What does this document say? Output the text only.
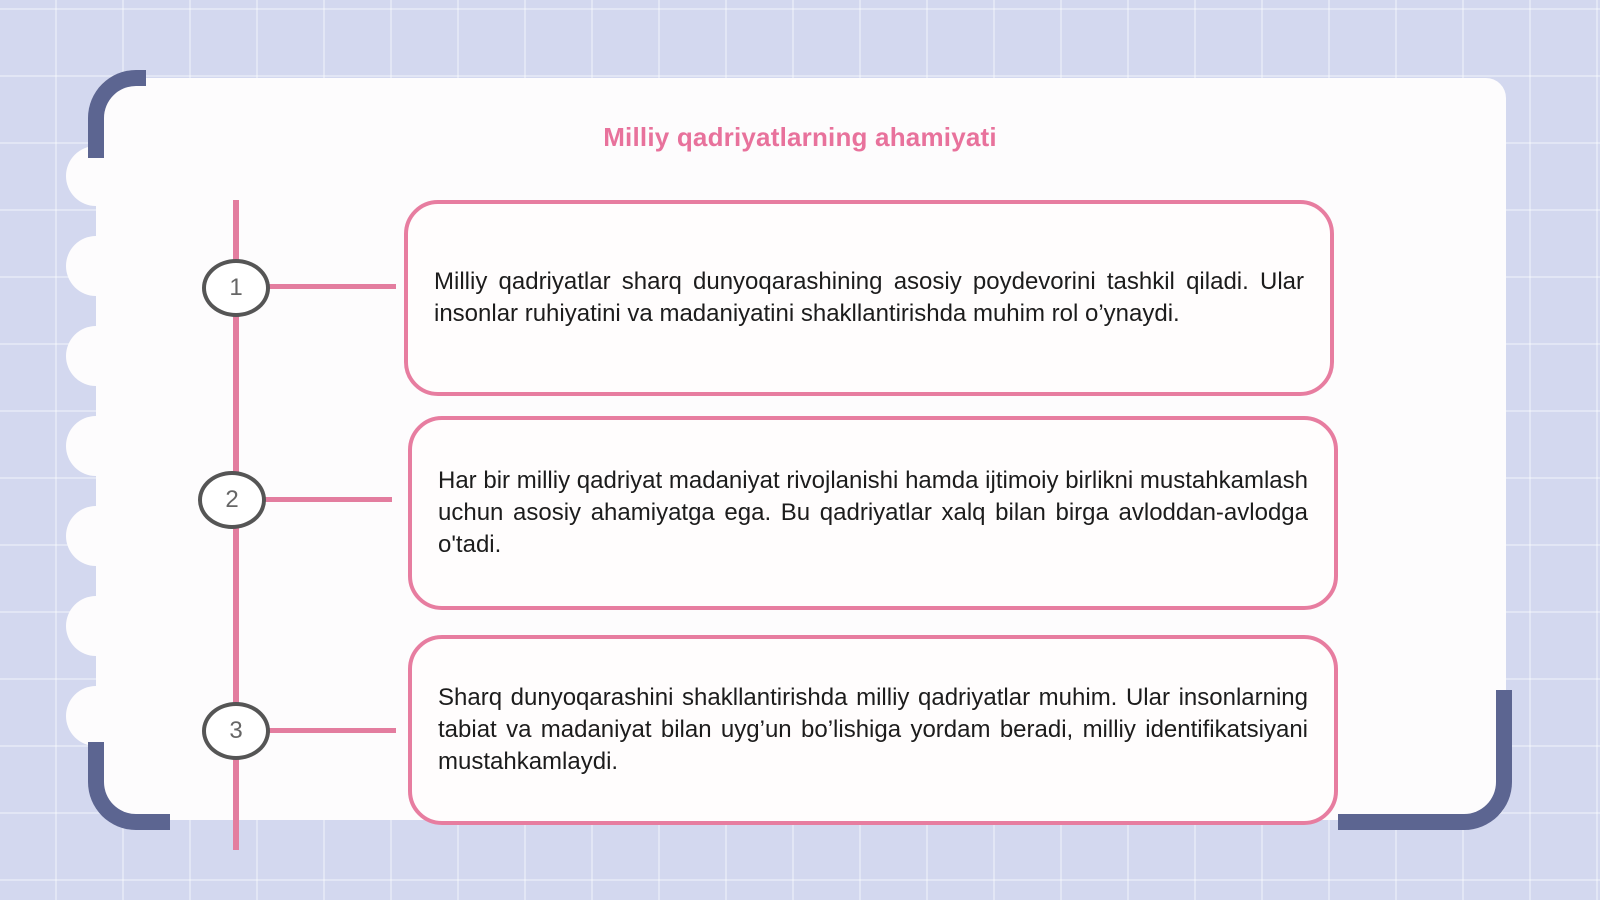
Milliy qadriyatlarning ahamiyati
1	Milliy qadriyatlar sharq dunyoqarashining asosiy poydevorini tashkil qiladi. Ular insonlar ruhiyatini va madaniyatini shakllantirishda muhim rol o’ynaydi.

2

Har bir milliy qadriyat madaniyat rivojlanishi hamda ijtimoiy birlikni mustahkamlash uchun asosiy ahamiyatga ega. Bu qadriyatlar xalq bilan birga avloddan-avlodga o'tadi.

3

Sharq dunyoqarashini shakllantirishda milliy qadriyatlar muhim. Ular insonlarning tabiat va madaniyat bilan uyg’un bo’lishiga yordam beradi, milliy identifikatsiyani mustahkamlaydi.
